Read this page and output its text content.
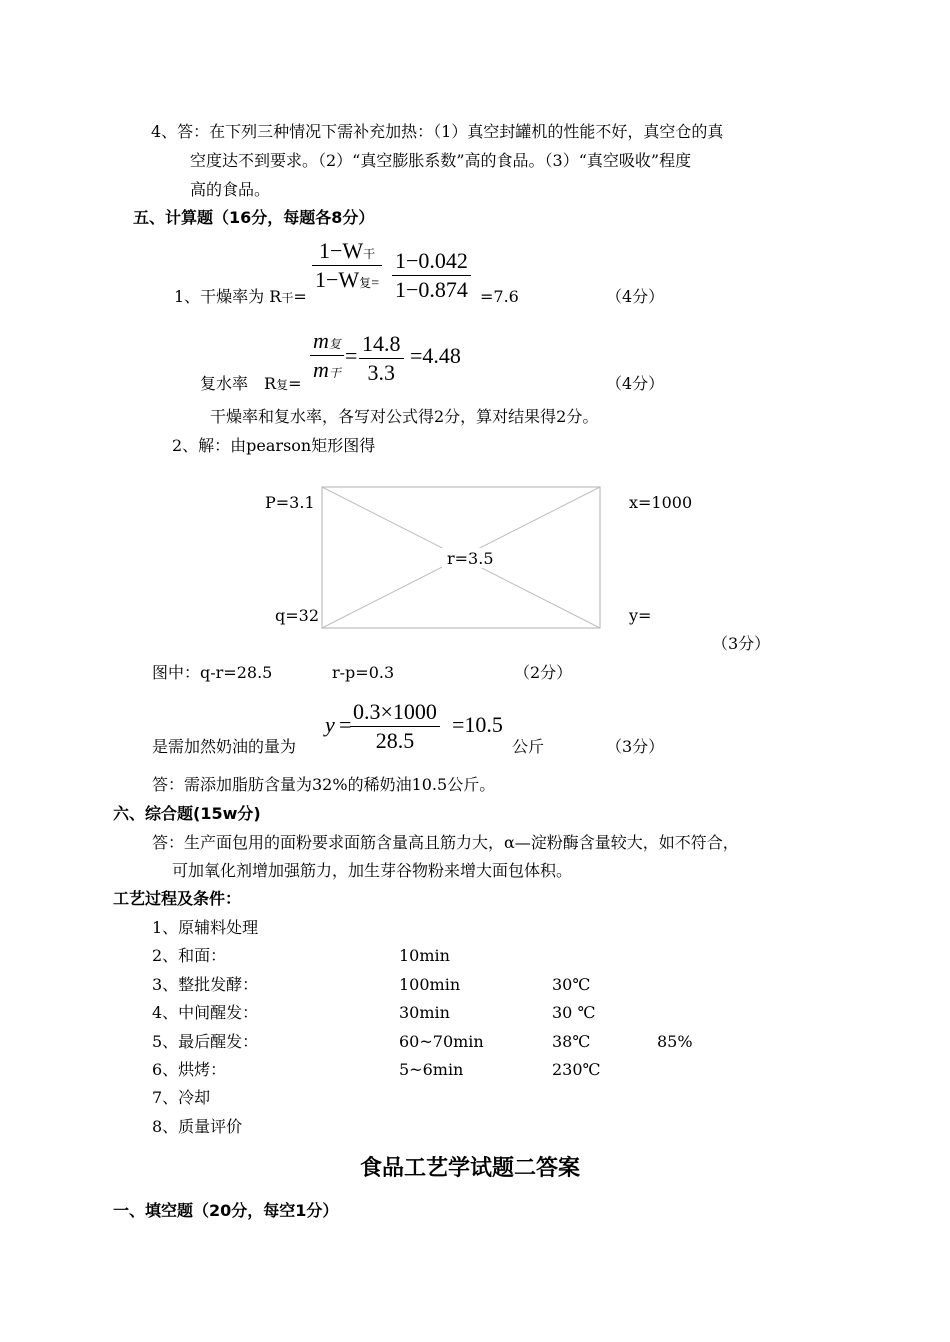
4、答：在下列三种情况下需补充加热：（1）真空封罐机的性能不好，真空仓的真
空度达不到要求。（2）“真空膨胀系数”高的食品。（3）“真空吸收”程度
高的食品。
五、计算题（16分，每题各8分）
1、干燥率为 R干=
1−W干
1−W复=
1−0.042
1−0.874 =7.6	（4分）
复水率　R复=
m复
m干
= 14.8
3.3
=4.48
（4分）
干燥率和复水率，各写对公式得2分，算对结果得2分。
2、解：由pearson矩形图得
P=3.1	x=1000
r=3.5
q=32	y=
（3分）
图中：q-r=28.5	r-p=0.3	（2分）
是需加然奶油的量为
y =
0.3×1000
28.5
=10.5
公斤	（3分）
答：需添加脂肪含量为32%的稀奶油10.5公斤。
六、综合题(15w分)
答：生产面包用的面粉要求面筋含量高且筋力大，α—淀粉酶含量较大，如不符合，
可加氧化剂增加强筋力，加生芽谷物粉来增大面包体积。
工艺过程及条件：
1、原辅料处理
2、和面：	10min
3、整批发酵：	100min	30℃
4、中间醒发：	30min	30 ℃
5、最后醒发：	60~70min	38℃	85%
6、烘烤：	5~6min	230℃
7、冷却
8、质量评价
食品工艺学试题二答案
一、填空题（20分，每空1分）
